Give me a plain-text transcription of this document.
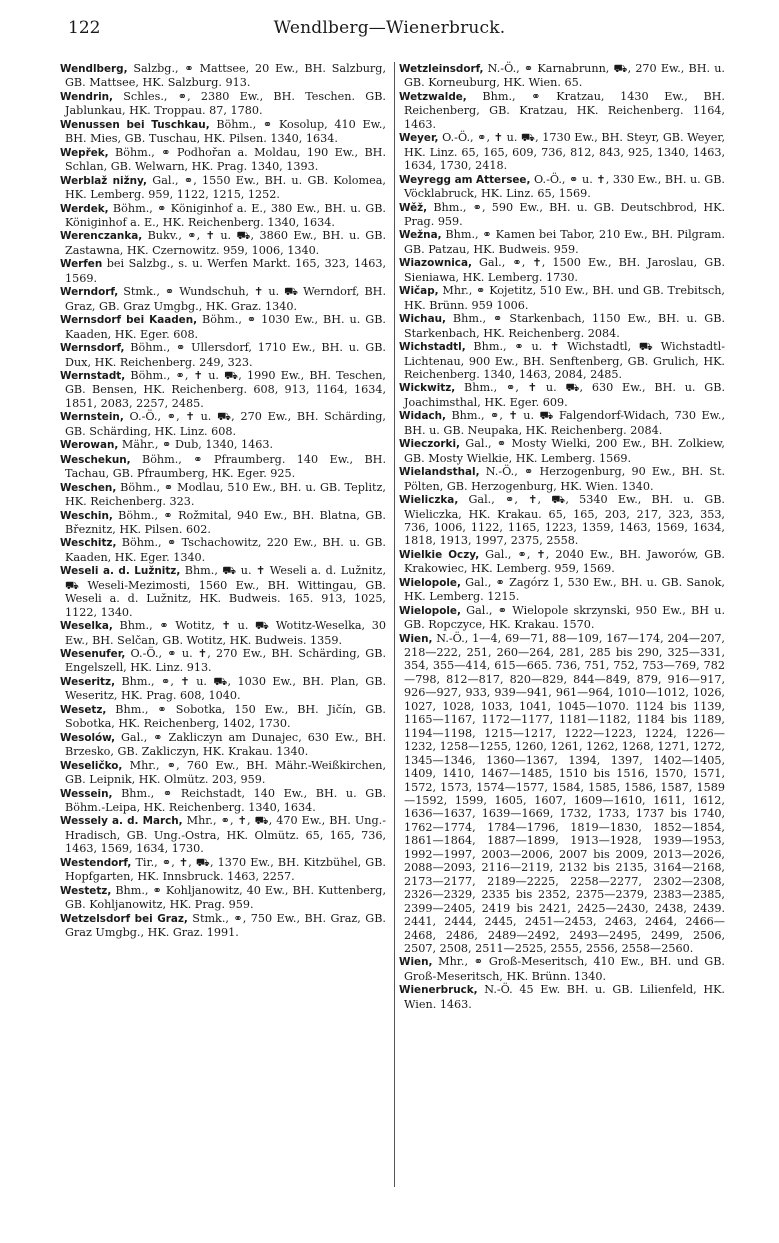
122	Wendlberg—Wienerbruck.

Wendlberg, Salzbg., ⚭ Mattsee, 20 Ew., BH. Salzburg, GB. Mattsee, HK. Salzburg. 913.

Wendrin, Schles., ⚭, 2380 Ew., BH. Teschen. GB. Jablunkau, HK. Troppau. 87, 1780.

Wenussen bei Tuschkau, Böhm., ⚭ Kosolup, 410 Ew., BH. Mies, GB. Tuschau, HK. Pilsen. 1340, 1634.

Wepřek, Böhm., ⚭ Podhořan a. Moldau, 190 Ew., BH. Schlan, GB. Welwarn, HK. Prag. 1340, 1393.

Werblaž nižny, Gal., ⚭, 1550 Ew., BH. u. GB. Kolomea, HK. Lemberg. 959, 1122, 1215, 1252.

Werdek, Böhm., ⚭ Königinhof a. E., 380 Ew., BH. u. GB. Königinhof a. E., HK. Reichenberg. 1340, 1634.

Werenczanka, Bukv., ⚭, ✝ u. ⛟, 3860 Ew., BH. u. GB. Zastawna, HK. Czernowitz. 959, 1006, 1340.

Werfen bei Salzbg., s. u. Werfen Markt. 165, 323, 1463, 1569.

Werndorf, Stmk., ⚭ Wundschuh, ✝ u. ⛟ Werndorf, BH. Graz, GB. Graz Umgbg., HK. Graz. 1340.

Wernsdorf bei Kaaden, Böhm., ⚭ 1030 Ew., BH. u. GB. Kaaden, HK. Eger. 608.

Wernsdorf, Böhm., ⚭ Ullersdorf, 1710 Ew., BH. u. GB. Dux, HK. Reichenberg. 249, 323.

Wernstadt, Böhm., ⚭, ✝ u. ⛟, 1990 Ew., BH. Teschen, GB. Bensen, HK. Reichenberg. 608, 913, 1164, 1634, 1851, 2083, 2257, 2485.

Wernstein, O.-Ö., ⚭, ✝ u. ⛟, 270 Ew., BH. Schärding, GB. Schärding, HK. Linz. 608.

Werowan, Mähr., ⚭ Dub, 1340, 1463.

Weschekun, Böhm., ⚭ Pfraumberg. 140 Ew., BH. Tachau, GB. Pfraumberg, HK. Eger. 925.

Weschen, Böhm., ⚭ Modlau, 510 Ew., BH. u. GB. Teplitz, HK. Reichenberg. 323.

Weschin, Böhm., ⚭ Rožmital, 940 Ew., BH. Blatna, GB. Březnitz, HK. Pilsen. 602.

Weschitz, Böhm., ⚭ Tschachowitz, 220 Ew., BH. u. GB. Kaaden, HK. Eger. 1340.

Weseli a. d. Lužnitz, Bhm., ⛟ u. ✝ Weseli a. d. Lužnitz, ⛟ Weseli-Mezimosti, 1560 Ew., BH. Wittingau, GB. Weseli a. d. Lužnitz, HK. Budweis. 165. 913, 1025, 1122, 1340.

Weselka, Bhm., ⚭ Wotitz, ✝ u. ⛟ Wotitz-Weselka, 30 Ew., BH. Selčan, GB. Wotitz, HK. Budweis. 1359.

Wesenufer, O.-Ö., ⚭ u. ✝, 270 Ew., BH. Schärding, GB. Engelszell, HK. Linz. 913.

Weseritz, Bhm., ⚭, ✝ u. ⛟, 1030 Ew., BH. Plan, GB. Weseritz, HK. Prag. 608, 1040.

Wesetz, Bhm., ⚭ Sobotka, 150 Ew., BH. Jičín, GB. Sobotka, HK. Reichenberg, 1402, 1730.

Wesolów, Gal., ⚭ Zakliczyn am Dunajec, 630 Ew., BH. Brzesko, GB. Zakliczyn, HK. Krakau. 1340.

Weseličko, Mhr., ⚭, 760 Ew., BH. Mähr.-Weißkirchen, GB. Leipnik, HK. Olmütz. 203, 959.

Wessein, Bhm., ⚭ Reichstadt, 140 Ew., BH. u. GB. Böhm.-Leipa, HK. Reichenberg. 1340, 1634.

Wessely a. d. March, Mhr., ⚭, ✝, ⛟, 470 Ew., BH. Ung.-Hradisch, GB. Ung.-Ostra, HK. Olmütz. 65, 165, 736, 1463, 1569, 1634, 1730.

Westendorf, Tir., ⚭, ✝, ⛟, 1370 Ew., BH. Kitzbühel, GB. Hopfgarten, HK. Innsbruck. 1463, 2257.

Westetz, Bhm., ⚭ Kohljanowitz, 40 Ew., BH. Kuttenberg, GB. Kohljanowitz, HK. Prag. 959.

Wetzelsdorf bei Graz, Stmk., ⚭, 750 Ew., BH. Graz, GB. Graz Umgbg., HK. Graz. 1991.

Wetzleinsdorf, N.-Ö., ⚭ Karnabrunn, ⛟, 270 Ew., BH. u. GB. Korneuburg, HK. Wien. 65.

Wetzwalde, Bhm., ⚭ Kratzau, 1430 Ew., BH. Reichenberg, GB. Kratzau, HK. Reichenberg. 1164, 1463.

Weyer, O.-Ö., ⚭, ✝ u. ⛟, 1730 Ew., BH. Steyr, GB. Weyer, HK. Linz. 65, 165, 609, 736, 812, 843, 925, 1340, 1463, 1634, 1730, 2418.

Weyregg am Attersee, O.-Ö., ⚭ u. ✝, 330 Ew., BH. u. GB. Vöcklabruck, HK. Linz. 65, 1569.

Wěž, Bhm., ⚭, 590 Ew., BH. u. GB. Deutschbrod, HK. Prag. 959.

Wežna, Bhm., ⚭ Kamen bei Tabor, 210 Ew., BH. Pilgram. GB. Patzau, HK. Budweis. 959.

Wiazownica, Gal., ⚭, ✝, 1500 Ew., BH. Jaroslau, GB. Sieniawa, HK. Lemberg. 1730.

Wičap, Mhr., ⚭ Kojetitz, 510 Ew., BH. und GB. Trebitsch, HK. Brünn. 959 1006.

Wichau, Bhm., ⚭ Starkenbach, 1150 Ew., BH. u. GB. Starkenbach, HK. Reichenberg. 2084.

Wichstadtl, Bhm., ⚭ u. ✝ Wichstadtl, ⛟ Wichstadtl-Lichtenau, 900 Ew., BH. Senftenberg, GB. Grulich, HK. Reichenberg. 1340, 1463, 2084, 2485.

Wickwitz, Bhm., ⚭, ✝ u. ⛟, 630 Ew., BH. u. GB. Joachimsthal, HK. Eger. 609.

Widach, Bhm., ⚭, ✝ u. ⛟ Falgendorf-Widach, 730 Ew., BH. u. GB. Neupaka, HK. Reichenberg. 2084.

Wieczorki, Gal., ⚭ Mosty Wielki, 200 Ew., BH. Zolkiew, GB. Mosty Wielkie, HK. Lemberg. 1569.

Wielandsthal, N.-Ö., ⚭ Herzogenburg, 90 Ew., BH. St. Pölten, GB. Herzogenburg, HK. Wien. 1340.

Wieliczka, Gal., ⚭, ✝, ⛟, 5340 Ew., BH. u. GB. Wieliczka, HK. Krakau. 65, 165, 203, 217, 323, 353, 736, 1006, 1122, 1165, 1223, 1359, 1463, 1569, 1634, 1818, 1913, 1997, 2375, 2558.

Wielkie Oczy, Gal., ⚭, ✝, 2040 Ew., BH. Jaworów, GB. Krakowiec, HK. Lemberg. 959, 1569.

Wielopole, Gal., ⚭ Zagórz 1, 530 Ew., BH. u. GB. Sanok, HK. Lemberg. 1215.

Wielopole, Gal., ⚭ Wielopole skrzynski, 950 Ew., BH u. GB. Ropczyce, HK. Krakau. 1570.

Wien, N.-Ö., 1—4, 69—71, 88—109, 167—174, 204—207, 218—222, 251, 260—264, 281, 285 bis 290, 325—331, 354, 355—414, 615—665. 736, 751, 752, 753—769, 782—798, 812—817, 820—829, 844—849, 879, 916—917, 926—927, 933, 939—941, 961—964, 1010—1012, 1026, 1027, 1028, 1033, 1041, 1045—1070. 1124 bis 1139, 1165—1167, 1172—1177, 1181—1182, 1184 bis 1189, 1194—1198, 1215—1217, 1222—1223, 1224, 1226—1232, 1258—1255, 1260, 1261, 1262, 1268, 1271, 1272, 1345—1346, 1360—1367, 1394, 1397, 1402—1405, 1409, 1410, 1467—1485, 1510 bis 1516, 1570, 1571, 1572, 1573, 1574—1577, 1584, 1585, 1586, 1587, 1589—1592, 1599, 1605, 1607, 1609—1610, 1611, 1612, 1636—1637, 1639—1669, 1732, 1733, 1737 bis 1740, 1762—1774, 1784—1796, 1819—1830, 1852—1854, 1861—1864, 1887—1899, 1913—1928, 1939—1953, 1992—1997, 2003—2006, 2007 bis 2009, 2013—2026, 2088—2093, 2116—2119, 2132 bis 2135, 3164—2168, 2173—2177, 2189—2225, 2258—2277, 2302—2308, 2326—2329, 2335 bis 2352, 2375—2379, 2383—2385, 2399—2405, 2419 bis 2421, 2425—2430, 2438, 2439. 2441, 2444, 2445, 2451—2453, 2463, 2464, 2466—2468, 2486, 2489—2492, 2493—2495, 2499, 2506, 2507, 2508, 2511—2525, 2555, 2556, 2558—2560.

Wien, Mhr., ⚭ Groß-Meseritsch, 410 Ew., BH. und GB. Groß-Meseritsch, HK. Brünn. 1340.

Wienerbruck, N.-Ö. 45 Ew. BH. u. GB. Lilienfeld, HK. Wien. 1463.
